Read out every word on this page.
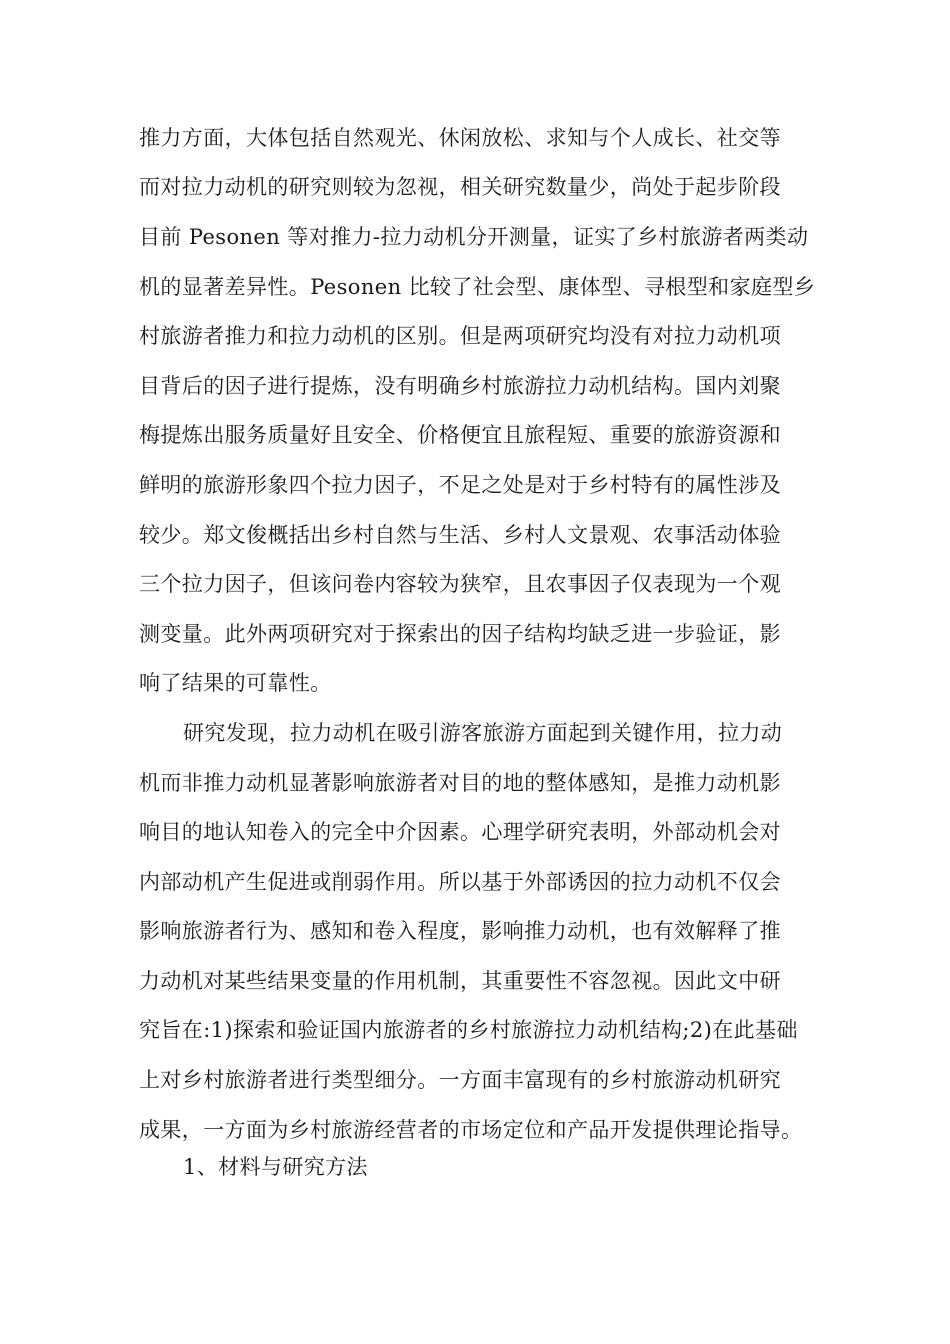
推力方面，大体包括自然观光、休闲放松、求知与个人成长、社交等
而对拉力动机的研究则较为忽视，相关研究数量少，尚处于起步阶段
目前 Pesonen 等对推力-拉力动机分开测量，证实了乡村旅游者两类动
机的显著差异性。Pesonen 比较了社会型、康体型、寻根型和家庭型乡
村旅游者推力和拉力动机的区别。但是两项研究均没有对拉力动机项
目背后的因子进行提炼，没有明确乡村旅游拉力动机结构。国内刘聚
梅提炼出服务质量好且安全、价格便宜且旅程短、重要的旅游资源和
鲜明的旅游形象四个拉力因子，不足之处是对于乡村特有的属性涉及
较少。郑文俊概括出乡村自然与生活、乡村人文景观、农事活动体验
三个拉力因子，但该问卷内容较为狭窄，且农事因子仅表现为一个观
测变量。此外两项研究对于探索出的因子结构均缺乏进一步验证，影
响了结果的可靠性。
研究发现，拉力动机在吸引游客旅游方面起到关键作用，拉力动
机而非推力动机显著影响旅游者对目的地的整体感知，是推力动机影
响目的地认知卷入的完全中介因素。心理学研究表明，外部动机会对
内部动机产生促进或削弱作用。所以基于外部诱因的拉力动机不仅会
影响旅游者行为、感知和卷入程度，影响推力动机，也有效解释了推
力动机对某些结果变量的作用机制，其重要性不容忽视。因此文中研
究旨在:1)探索和验证国内旅游者的乡村旅游拉力动机结构;2)在此基础
上对乡村旅游者进行类型细分。一方面丰富现有的乡村旅游动机研究
成果，一方面为乡村旅游经营者的市场定位和产品开发提供理论指导。
1、材料与研究方法
